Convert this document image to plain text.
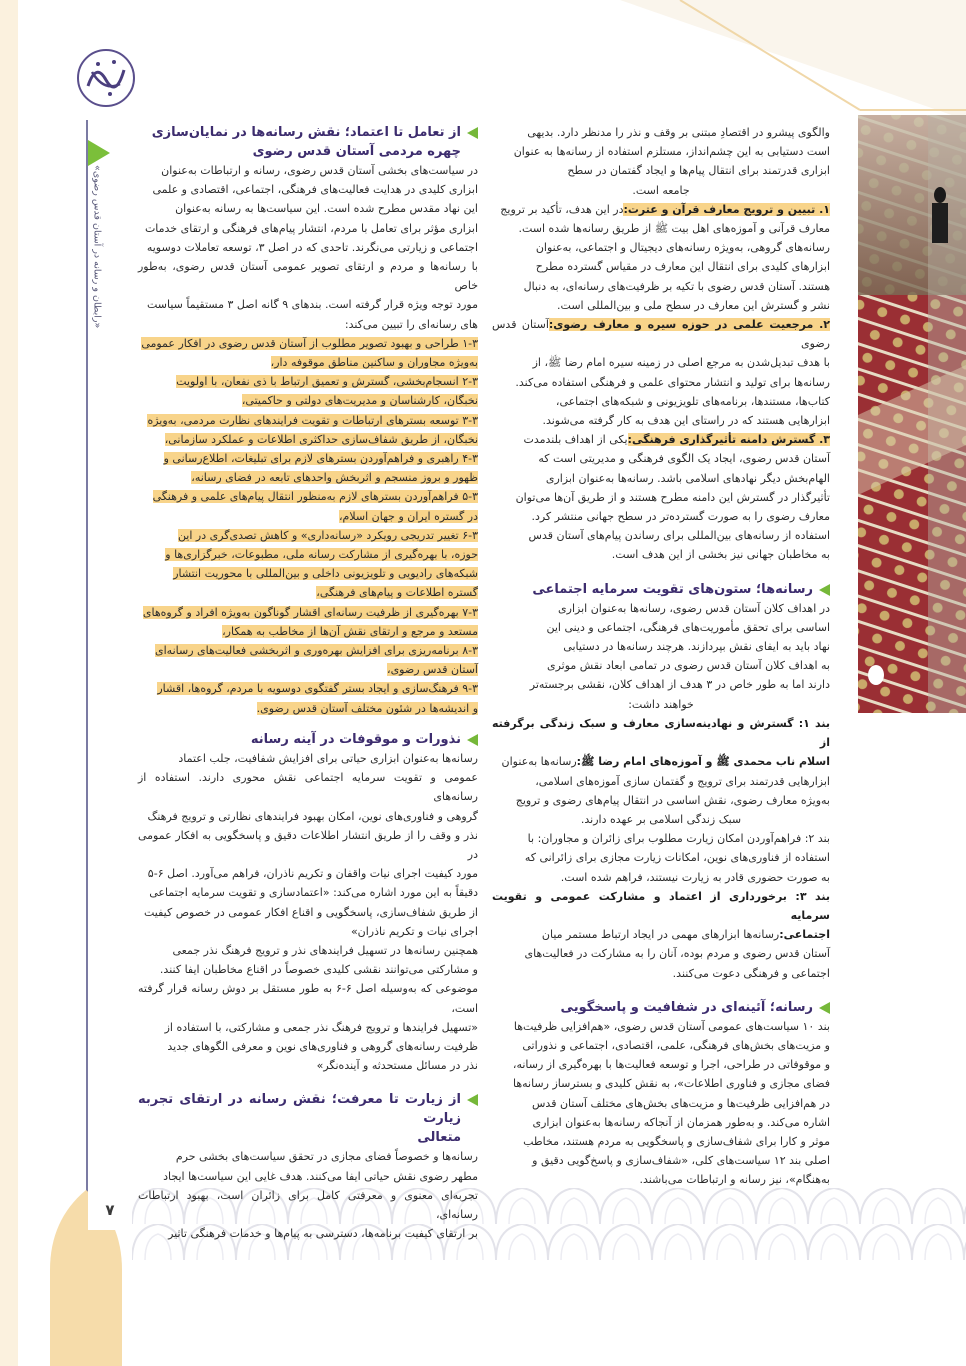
«رابطان و رسانه در آستان قدس رضوی»
۷

والگوی پیشرو در اقتصادِ مبتنی بر وقف و نذر را مدنظر دارد. بدیهی

است دستیابی به این چشم‌انداز، مستلزم استفاده از رسانه‌ها به عنوان

ابزاری قدرتمند برای انتقال پیام‌ها و ایجاد گفتمان در سطح

جامعه است.

۱. تبیین و ترویج معارف قرآن و عترت:در این هدف، تأکید بر ترویج

معارف قرآنی و آموزه‌های اهل بیت ﷺ از طریق رسانه‌ها شده است.

رسانه‌های گروهی، به‌ویژه رسانه‌های دیجیتال و اجتماعی، به‌عنوان

ابزارهای کلیدی برای انتقال این معارف در مقیاس گسترده مطرح

هستند. آستان قدس رضوی با تکیه بر ظرفیت‌های رسانه‌ای، به دنبال

نشر و گسترش این معارف در سطح ملی و بین‌المللی است.

۲. مرجعیت علمی در حوزه سیره و معارف رضوی:آستان قدس رضوی

با هدف تبدیل‌شدن به مرجع اصلی در زمینه سیره امام رضا ﷺ، از

رسانه‌ها برای تولید و انتشار محتوای علمی و فرهنگی استفاده می‌کند.

کتاب‌ها، مستندها، برنامه‌های تلویزیونی و شبکه‌های اجتماعی،

ابزارهایی هستند که در راستای این هدف به کار گرفته می‌شوند.

۳. گسترش دامنه تأثیرگذاری فرهنگی:یکی از اهداف بلندمدت

آستان قدس رضوی، ایجاد یک الگوی فرهنگی و مدیریتی است که

الهام‌بخش دیگر نهادهای اسلامی باشد. رسانه‌ها به‌عنوان ابزاری

تأثیرگذار در گسترش این دامنه مطرح هستند و از طریق آن‌ها می‌توان

معارف رضوی را به صورت گسترده‌تر در سطح جهانی منتشر کرد.

استفاده از رسانه‌های بین‌المللی برای رساندن پیام‌های آستان قدس

به مخاطبان جهانی نیز بخشی از این هدف است.

رسانه‌ها؛ ستون‌های تقویت سرمایه اجتماعی

در اهداف کلان آستان قدس رضوی، رسانه‌ها به‌عنوان ابزاری

اساسی برای تحقق مأموریت‌های فرهنگی، اجتماعی و دینی این

نهاد باید به ایفای نقش بپردازند. هرچند رسانه‌ها در دستیابی

به اهداف کلان آستان قدس رضوی در تمامی ابعاد نقش موثری

دارند اما به طور خاص در ۳ هدف از اهداف کلان، نقشی برجسته‌تر

خواهند داشت:

بند ۱: گسترش و نهادینه‌سازی معارف و سبک زندگی برگرفته از

اسلام ناب محمدی ﷺ و آموزه‌های امام رضا ﷺ:رسانه‌ها به‌عنوان

ابزارهایی قدرتمند برای ترویج و گفتمان سازی آموزه‌های اسلامی،

به‌ویژه معارف رضوی، نقش اساسی در انتقال پیام‌های رضوی و ترویج

سبک زندگی اسلامی بر عهده دارند.

بند ۲: فراهم‌آوردن امکان زیارت مطلوب برای زائران و مجاوران: با

استفاده از فناوری‌های نوین، امکانات زیارت مجازی برای زائرانی که

به صورت حضوری قادر به زیارت نیستند، فراهم شده است.

بند ۳: برخورداری از اعتماد و مشارکت عمومی و تقویت سرمایه

اجتماعی:رسانه‌ها ابزارهای مهمی در ایجاد ارتباط مستمر میان

آستان قدس رضوی و مردم بوده، آنان را به مشارکت در فعالیت‌های

اجتماعی و فرهنگی دعوت می‌کنند.

رسانه؛ آئینه‌ای در شفافیت و پاسخگویی

بند ۱۰ سیاست‌های عمومی آستان قدس رضوی، «هم‌افزایی ظرفیت‌ها

و مزیت‌های بخش‌های فرهنگی، علمی، اقتصادی، اجتماعی و نذوراتی

و موقوفاتی در طراحی، اجرا و توسعه فعالیت‌ها با بهره‌گیری از رسانه،

فضای مجازی و فناوری اطلاعات»، به نقش کلیدی و بسترساز رسانه‌ها

در هم‌افزایی ظرفیت‌ها و مزیت‌های بخش‌های مختلف آستان قدس

اشاره می‌کند. و به‌طور همزمان از آنجاکه رسانه‌ها به‌عنوان ابزاری

موثر و کارا برای شفاف‌سازی و پاسخگویی به مردم هستند، مخاطب

اصلی بند ۱۲ سیاست‌های کلی، «شفاف‌سازی و پاسخ‌گویی دقیق و

به‌هنگام»، نیز رسانه و ارتباطات می‌باشند.

از تعامل تا اعتماد؛ نقش رسانه‌ها در نمایان‌سازی
چهره مردمی آستان قدس رضوی

در سیاست‌های بخشی آستان قدس رضوی، رسانه و ارتباطات به‌عنوان

ابزاری کلیدی در هدایت فعالیت‌های فرهنگی، اجتماعی، اقتصادی و علمی

این نهاد مقدس مطرح شده است. این سیاست‌ها به رسانه به‌عنوان

ابزاری مؤثر برای تعامل با مردم، انتشار پیام‌های فرهنگی و ارتقای خدمات

اجتماعی و زیارتی می‌نگرند. تاحدی که در اصل ۳، توسعه تعاملات دوسویه

با رسانه‌ها و مردم و ارتقای تصویر عمومی آستان قدس رضوی، به‌طور خاص

مورد توجه ویژه قرار گرفته است. بندهای ۹ گانه اصل ۳ مستقیماً سیاست

های رسانه‌ای را تبیین می‌کند:

۱-۳ طراحی و بهبود تصویر مطلوب از آستان قدس رضوی در افکار عمومی

به‌ویژه مجاوران و ساکنین مناطق موقوفه دار،

۲-۳ انسجام‌بخشی، گسترش و تعمیق ارتباط با ذی نفعان، با اولویت

نخبگان، کارشناسان و مدیریت‌های دولتی و حاکمیتی،

۳-۳ توسعه بسترهای ارتباطات و تقویت فرایندهای نظارت مردمی، به‌ویژه

نخبگان، از طریق شفاف‌سازی حداکثری اطلاعات و عملکرد سازمانی،

۴-۳ راهبری و فراهم‌آوردن بسترهای لازم برای تبلیغات، اطلاع‌رسانی و

ظهور و بروز منسجم و اثربخش واحدهای تابعه در فضای رسانه،

۵-۳ فراهم‌آوردن بسترهای لازم به‌منظور انتقال پیام‌های علمی و فرهنگی

در گستره ایران و جهان اسلام،

۶-۳ تغییر تدریجی رویکرد «رسانه‌داری» و کاهش تصدی‌گری در این

حوزه، با بهره‌گیری از مشارکت رسانه ملی، مطبوعات، خبرگزاری‌ها و

شبکه‌های رادیویی و تلویزیونی داخلی و بین‌المللی با محوریت انتشار

گستره اطلاعات و پیام‌های فرهنگی،

۷-۳ بهره‌گیری از ظرفیت رسانه‌ای اقشار گوناگون به‌ویژه افراد و گروه‌های

مستعد و مرجع و ارتقای نقش آن‌ها از مخاطب به همکار،

۸-۳ برنامه‌ریزی برای افزایش بهره‌وری و اثربخشی فعالیت‌های رسانه‌ای

آستان قدس رضوی،

۹-۳ فرهنگ‌سازی و ایجاد بستر گفتگوی دوسویه با مردم، گروه‌ها، اقشار

و اندیشه‌ها در شئون مختلف آستان قدس رضوی.

نذورات و موقوفات در آینه رسانه

رسانه‌ها به‌عنوان ابزاری حیاتی برای افزایش شفافیت، جلب اعتماد

عمومی و تقویت سرمایه اجتماعی نقش محوری دارند. استفاده از رسانه‌های

گروهی و فناوری‌های نوین، امکان بهبود فرایندهای نظارتی و ترویج فرهنگ

نذر و وقف را از طریق انتشار اطلاعات دقیق و پاسخگویی به افکار عمومی در

مورد کیفیت اجرای نیات واقفان و تکریم ناذران، فراهم می‌آورد. اصل ۶-۵

دقیقاً به این مورد اشاره می‌کند: «اعتمادسازی و تقویت سرمایه اجتماعی

از طریق شفاف‌سازی، پاسخگویی و اقناع افکار عمومی در خصوص کیفیت

اجرای نیات و تکریم ناذران»

همچنین رسانه‌ها در تسهیل فرایندهای نذر و ترویج فرهنگ نذر جمعی

و مشارکتی می‌توانند نقشی کلیدی خصوصاً در اقناع مخاطبان ایفا کنند.

موضوعی که به‌وسیله اصل ۶-۶ به طور مستقل بر دوش رسانه قرار گرفته است،

«تسهیل فرایندها و ترویج فرهنگ نذر جمعی و مشارکتی، با استفاده از

ظرفیت رسانه‌های گروهی و فناوری‌های نوین و معرفی الگوهای جدید

نذر در مسائل مستحدثه و آینده‌نگر»

از زیارت تا معرفت؛ نقش رسانه در ارتقای تجربه زیارت
متعالی

رسانه‌ها و خصوصاً فضای مجازی در تحقق سیاست‌های بخشی حرم

مطهر رضوی نقش حیاتی ایفا می‌کنند. هدف غایی این سیاست‌ها ایجاد

تجربه‌ای معنوی و معرفتی کامل برای زائران است، بهبود ارتباطات رسانه‌ای،

بر ارتقای کیفیت برنامه‌ها، دسترسی به پیام‌ها و خدمات فرهنگی تاثیر
